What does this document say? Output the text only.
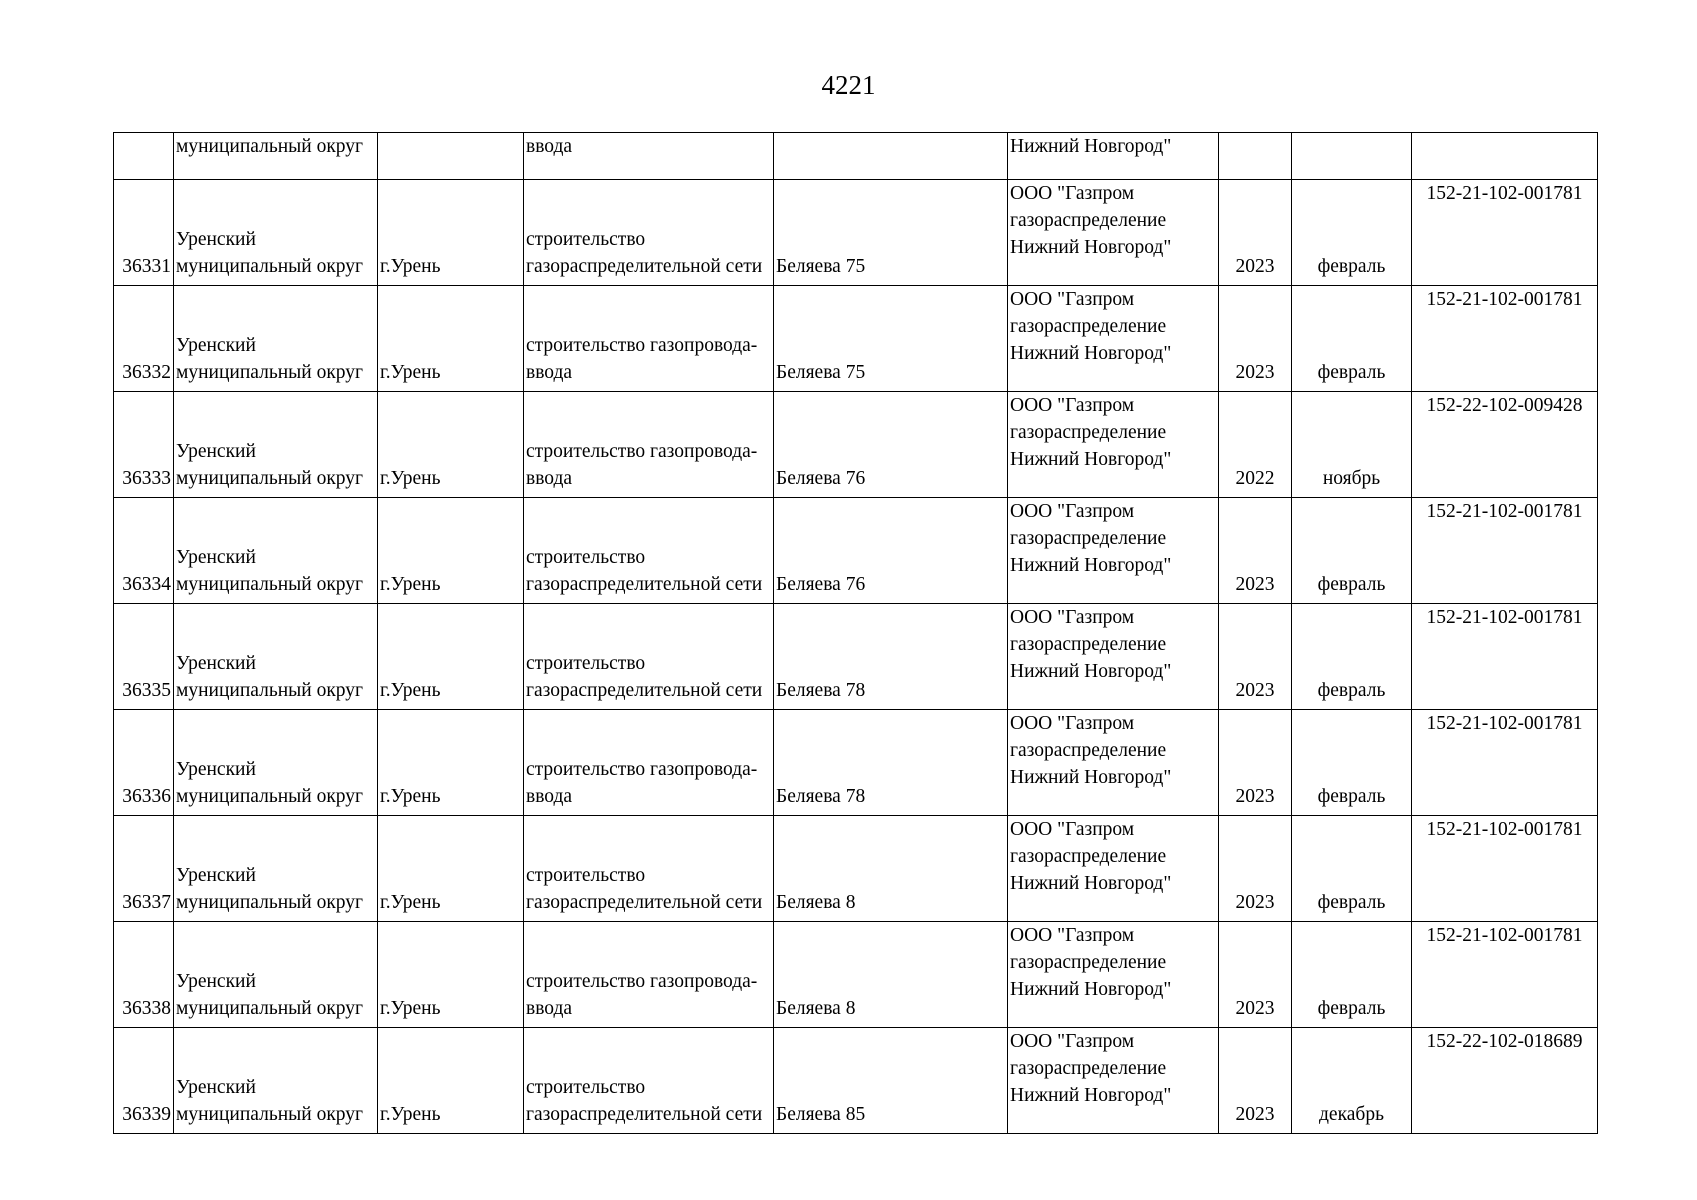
4221
	муниципальный округ		ввода		Нижний Новгород"			
36331	Уренский муниципальный округ	г.Урень	строительство газораспределительной сети	Беляева 75	ООО "Газпром газораспределение Нижний Новгород"	2023	февраль	152-21-102-001781
36332	Уренский муниципальный округ	г.Урень	строительство газопровода-ввода	Беляева 75	ООО "Газпром газораспределение Нижний Новгород"	2023	февраль	152-21-102-001781
36333	Уренский муниципальный округ	г.Урень	строительство газопровода-ввода	Беляева 76	ООО "Газпром газораспределение Нижний Новгород"	2022	ноябрь	152-22-102-009428
36334	Уренский муниципальный округ	г.Урень	строительство газораспределительной сети	Беляева 76	ООО "Газпром газораспределение Нижний Новгород"	2023	февраль	152-21-102-001781
36335	Уренский муниципальный округ	г.Урень	строительство газораспределительной сети	Беляева 78	ООО "Газпром газораспределение Нижний Новгород"	2023	февраль	152-21-102-001781
36336	Уренский муниципальный округ	г.Урень	строительство газопровода-ввода	Беляева 78	ООО "Газпром газораспределение Нижний Новгород"	2023	февраль	152-21-102-001781
36337	Уренский муниципальный округ	г.Урень	строительство газораспределительной сети	Беляева 8	ООО "Газпром газораспределение Нижний Новгород"	2023	февраль	152-21-102-001781
36338	Уренский муниципальный округ	г.Урень	строительство газопровода-ввода	Беляева 8	ООО "Газпром газораспределение Нижний Новгород"	2023	февраль	152-21-102-001781
36339	Уренский муниципальный округ	г.Урень	строительство газораспределительной сети	Беляева 85	ООО "Газпром газораспределение Нижний Новгород"	2023	декабрь	152-22-102-018689
